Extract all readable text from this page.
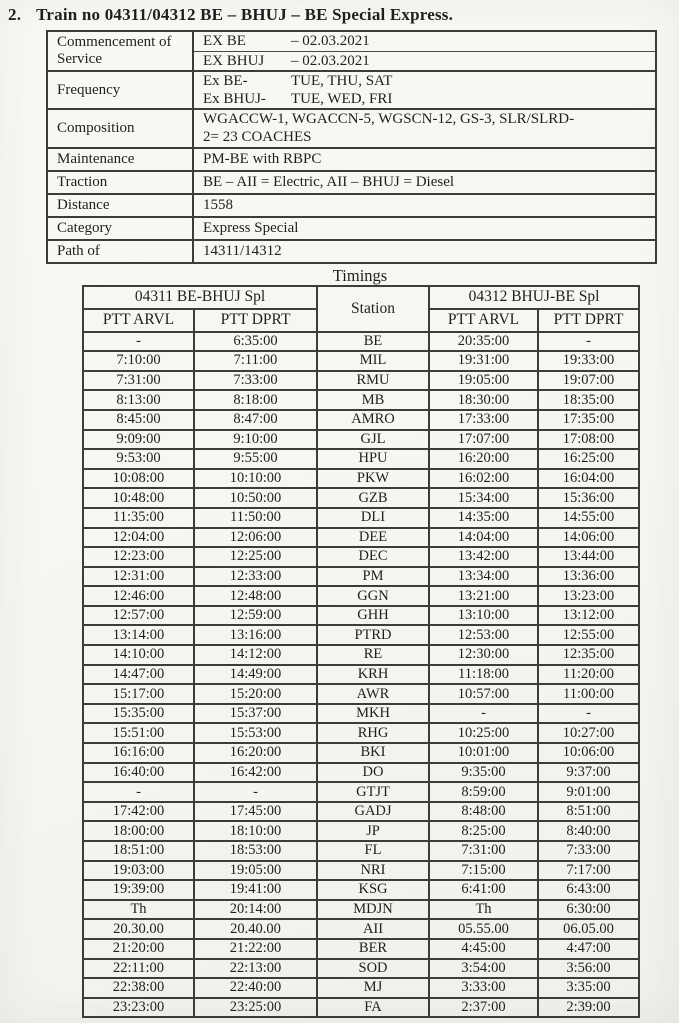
2. Train no 04311/04312 BE – BHUJ – BE Special Express.
Commencement of Service	EX BE – 02.03.2021
EX BHUJ – 02.03.2021

Frequency	Ex BE- TUE, THU, SAT
Ex BHUJ- TUE, WED, FRI

Composition	WGACCW-1, WGACCN-5, WGSCN-12, GS-3, SLR/SLRD-
2= 23 COACHES

Maintenance	PM-BE with RBPC

Traction	BE – AII = Electric, AII – BHUJ = Diesel

Distance	1558

Category	Express Special

Path of	14311/14312
Timings
04311 BE-BHUJ Spl		Station	04312 BHUJ-BE Spl	
PTT ARVL	PTT DPRT		PTT ARVL	PTT DPRT
-	6:35:00	BE	20:35:00	-
7:10:00	7:11:00	MIL	19:31:00	19:33:00
7:31:00	7:33:00	RMU	19:05:00	19:07:00
8:13:00	8:18:00	MB	18:30:00	18:35:00
8:45:00	8:47:00	AMRO	17:33:00	17:35:00
9:09:00	9:10:00	GJL	17:07:00	17:08:00
9:53:00	9:55:00	HPU	16:20:00	16:25:00
10:08:00	10:10:00	PKW	16:02:00	16:04:00
10:48:00	10:50:00	GZB	15:34:00	15:36:00
11:35:00	11:50:00	DLI	14:35:00	14:55:00
12:04:00	12:06:00	DEE	14:04:00	14:06:00
12:23:00	12:25:00	DEC	13:42:00	13:44:00
12:31:00	12:33:00	PM	13:34:00	13:36:00
12:46:00	12:48:00	GGN	13:21:00	13:23:00
12:57:00	12:59:00	GHH	13:10:00	13:12:00
13:14:00	13:16:00	PTRD	12:53:00	12:55:00
14:10:00	14:12:00	RE	12:30:00	12:35:00
14:47:00	14:49:00	KRH	11:18:00	11:20:00
15:17:00	15:20:00	AWR	10:57:00	11:00:00
15:35:00	15:37:00	MKH	-	-
15:51:00	15:53:00	RHG	10:25:00	10:27:00
16:16:00	16:20:00	BKI	10:01:00	10:06:00
16:40:00	16:42:00	DO	9:35:00	9:37:00
-	-	GTJT	8:59:00	9:01:00
17:42:00	17:45:00	GADJ	8:48:00	8:51:00
18:00:00	18:10:00	JP	8:25:00	8:40:00
18:51:00	18:53:00	FL	7:31:00	7:33:00
19:03:00	19:05:00	NRI	7:15:00	7:17:00
19:39:00	19:41:00	KSG	6:41:00	6:43:00
Th	20:14:00	MDJN	Th	6:30:00
20.30.00	20.40.00	AII	05.55.00	06.05.00
21:20:00	21:22:00	BER	4:45:00	4:47:00
22:11:00	22:13:00	SOD	3:54:00	3:56:00
22:38:00	22:40:00	MJ	3:33:00	3:35:00
23:23:00	23:25:00	FA	2:37:00	2:39:00
